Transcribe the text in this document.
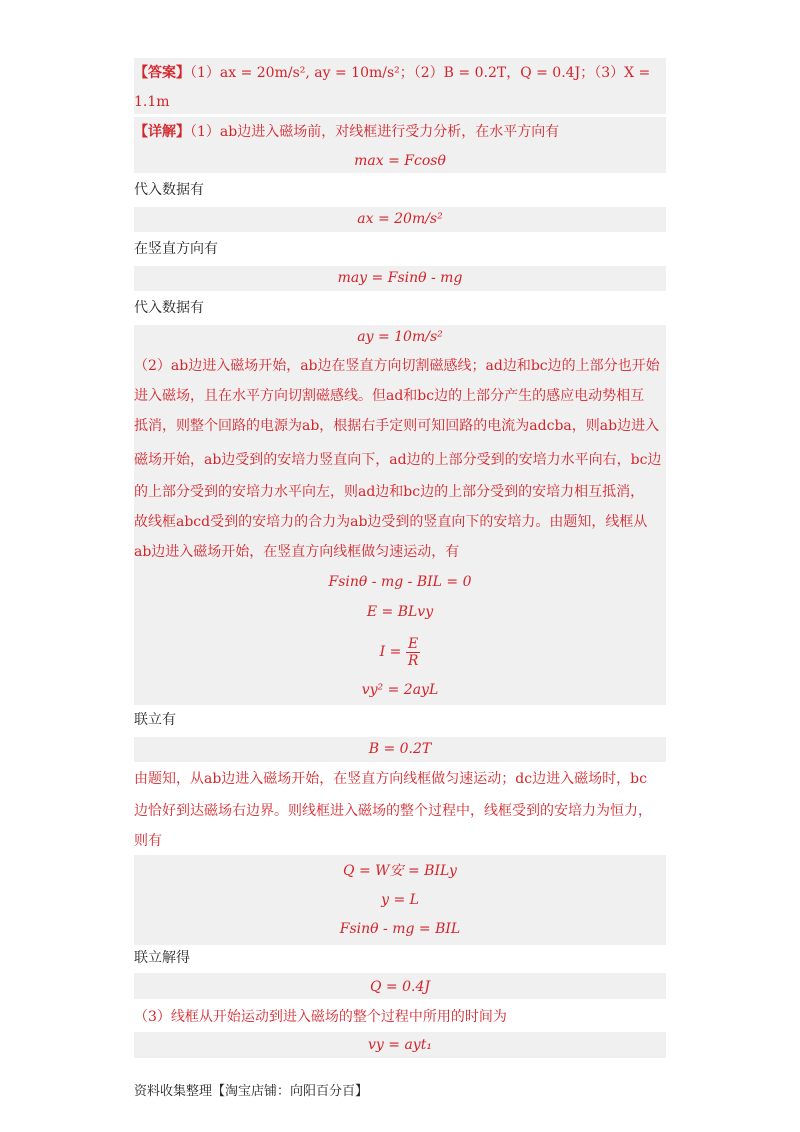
【答案】（1）ax = 20m/s², ay = 10m/s²；（2）B = 0.2T，Q = 0.4J；（3）X =
1.1m
【详解】（1）ab边进入磁场前，对线框进行受力分析，在水平方向有
max = Fcosθ
代入数据有
ax = 20m/s²
在竖直方向有
may = Fsinθ - mg
代入数据有
ay = 10m/s²
（2）ab边进入磁场开始，ab边在竖直方向切割磁感线；ad边和bc边的上部分也开始
进入磁场，且在水平方向切割磁感线。但ad和bc边的上部分产生的感应电动势相互
抵消，则整个回路的电源为ab，根据右手定则可知回路的电流为adcba，则ab边进入
磁场开始，ab边受到的安培力竖直向下，ad边的上部分受到的安培力水平向右，bc边
的上部分受到的安培力水平向左，则ad边和bc边的上部分受到的安培力相互抵消，
故线框abcd受到的安培力的合力为ab边受到的竖直向下的安培力。由题知，线框从
ab边进入磁场开始，在竖直方向线框做匀速运动，有
Fsinθ - mg - BIL = 0
E = BLvy
$I = \frac{E}{R}$
vy² = 2ayL
联立有
B = 0.2T
由题知，从ab边进入磁场开始，在竖直方向线框做匀速运动；dc边进入磁场时，bc
边恰好到达磁场右边界。则线框进入磁场的整个过程中，线框受到的安培力为恒力，
则有
Q = W安 = BILy
y = L
Fsinθ - mg = BIL
联立解得
Q = 0.4J
（3）线框从开始运动到进入磁场的整个过程中所用的时间为
vy = ayt₁
资料收集整理【淘宝店铺：向阳百分百】
